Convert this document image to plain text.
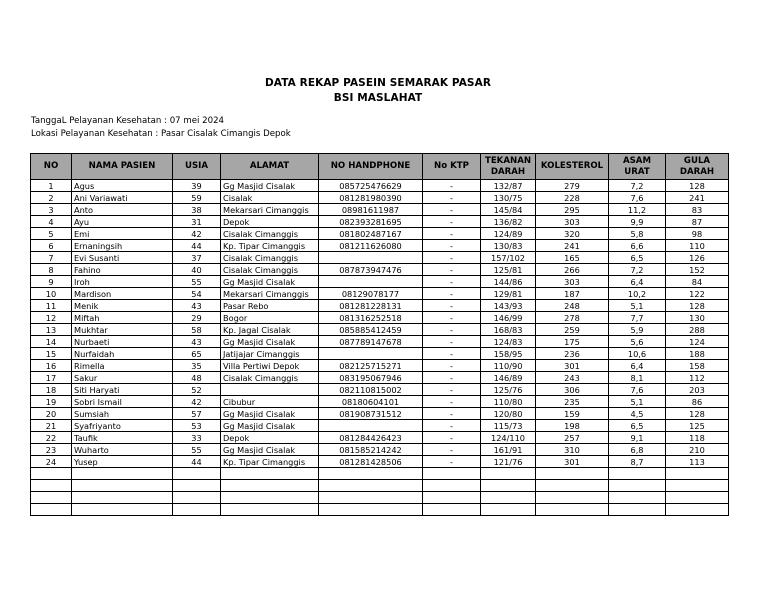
DATA REKAP PASEIN SEMARAK PASAR
BSI MASLAHAT
TanggaL Pelayanan Kesehatan : 07 mei 2024
Lokasi Pelayanan Kesehatan : Pasar Cisalak Cimangis Depok
NO	NAMA PASIEN	USIA	ALAMAT	NO HANDPHONE	No KTP	TEKANAN DARAH	KOLESTEROL	ASAM URAT	GULA DARAH
1	Agus	39	Gg Masjid Cisalak	085725476629	-	132/87	279	7,2	128
2	Ani Variawati	59	Cisalak	081281980390	-	130/75	228	7,6	241
3	Anto	38	Mekarsari Cimanggis	08981611987	-	145/84	295	11,2	83
4	Ayu	31	Depok	082393281695	-	136/82	303	9,9	87
5	Emi	42	Cisalak Cimanggis	081802487167	-	124/89	320	5,8	98
6	Ernaningsih	44	Kp. Tipar Cimanggis	081211626080	-	130/83	241	6,6	110
7	Evi Susanti	37	Cisalak Cimanggis		-	157/102	165	6,5	126
8	Fahino	40	Cisalak Cimanggis	087873947476	-	125/81	266	7,2	152
9	Iroh	55	Gg Masjid Cisalak		-	144/86	303	6,4	84
10	Mardison	54	Mekarsari Cimanggis	08129078177	-	129/81	187	10,2	122
11	Menik	43	Pasar Rebo	081281228131	-	143/93	248	5,1	128
12	Miftah	29	Bogor	081316252518	-	146/99	278	7,7	130
13	Mukhtar	58	Kp. Jagal Cisalak	085885412459	-	168/83	259	5,9	288
14	Nurbaeti	43	Gg Masjid Cisalak	087789147678	-	124/83	175	5,6	124
15	Nurfaidah	65	Jatijajar Cimanggis		-	158/95	236	10,6	188
16	Rimella	35	Villa Pertiwi Depok	082125715271	-	110/90	301	6,4	158
17	Sakur	48	Cisalak Cimanggis	083195067946	-	146/89	243	8,1	112
18	Siti Haryati	52		082110815002	-	125/76	306	7,6	203
19	Sobri Ismail	42	Cibubur	08180604101	-	110/80	235	5,1	86
20	Sumsiah	57	Gg Masjid Cisalak	081908731512	-	120/80	159	4,5	128
21	Syafriyanto	53	Gg Masjid Cisalak		-	115/73	198	6,5	125
22	Taufik	33	Depok	081284426423	-	124/110	257	9,1	118
23	Wuharto	55	Gg Masjid Cisalak	081585214242	-	161/91	310	6,8	210
24	Yusep	44	Kp. Tipar Cimanggis	081281428506	-	121/76	301	8,7	113
